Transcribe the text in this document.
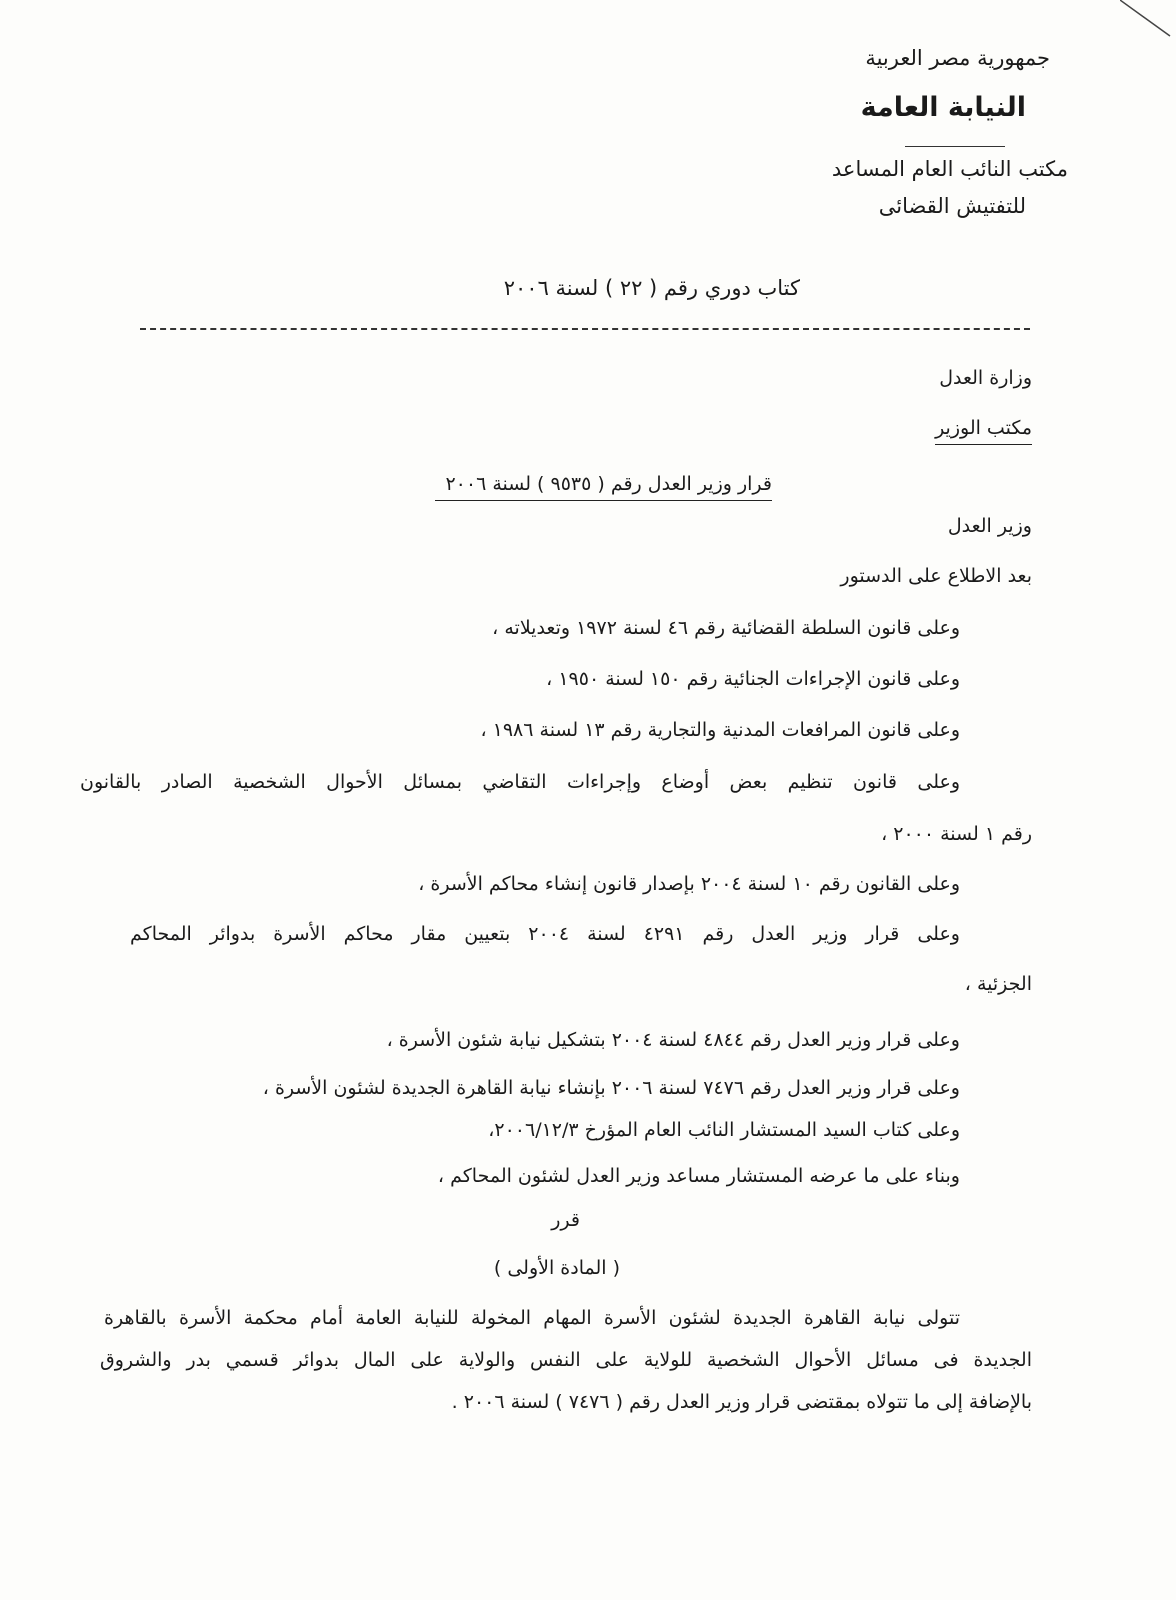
جمهورية مصر العربية
النيابة العامة
مكتب النائب العام المساعد
للتفتيش القضائى
كتاب دوري رقم ( ٢٢ ) لسنة ٢٠٠٦
وزارة العدل
مكتب الوزير
قرار وزير العدل رقم ( ٩٥٣٥ ) لسنة ٢٠٠٦
وزير العدل
بعد الاطلاع على الدستور
وعلى قانون السلطة القضائية رقم ٤٦ لسنة ١٩٧٢ وتعديلاته ،
وعلى قانون الإجراءات الجنائية رقم ١٥٠ لسنة ١٩٥٠ ،
وعلى قانون المرافعات المدنية والتجارية رقم ١٣ لسنة ١٩٨٦ ،
وعلى قانون تنظيم بعض أوضاع وإجراءات التقاضي بمسائل الأحوال الشخصية الصادر بالقانون
رقم ١ لسنة ٢٠٠٠ ،
وعلى القانون رقم ١٠ لسنة ٢٠٠٤ بإصدار قانون إنشاء محاكم الأسرة ،
وعلى قرار وزير العدل رقم ٤٢٩١ لسنة ٢٠٠٤ بتعيين مقار محاكم الأسرة بدوائر المحاكم
الجزئية ،
وعلى قرار وزير العدل رقم ٤٨٤٤ لسنة ٢٠٠٤ بتشكيل نيابة شئون الأسرة ،
وعلى قرار وزير العدل رقم ٧٤٧٦ لسنة ٢٠٠٦ بإنشاء نيابة القاهرة الجديدة لشئون الأسرة ،
وعلى كتاب السيد المستشار النائب العام المؤرخ ٢٠٠٦/١٢/٣،
وبناء على ما عرضه المستشار مساعد وزير العدل لشئون المحاكم ،
قرر
( المادة الأولى )
تتولى نيابة القاهرة الجديدة لشئون الأسرة المهام المخولة للنيابة العامة أمام محكمة الأسرة بالقاهرة
الجديدة فى مسائل الأحوال الشخصية للولاية على النفس والولاية على المال بدوائر قسمي بدر والشروق
بالإضافة إلى ما تتولاه بمقتضى قرار وزير العدل رقم ( ٧٤٧٦ ) لسنة ٢٠٠٦ .
